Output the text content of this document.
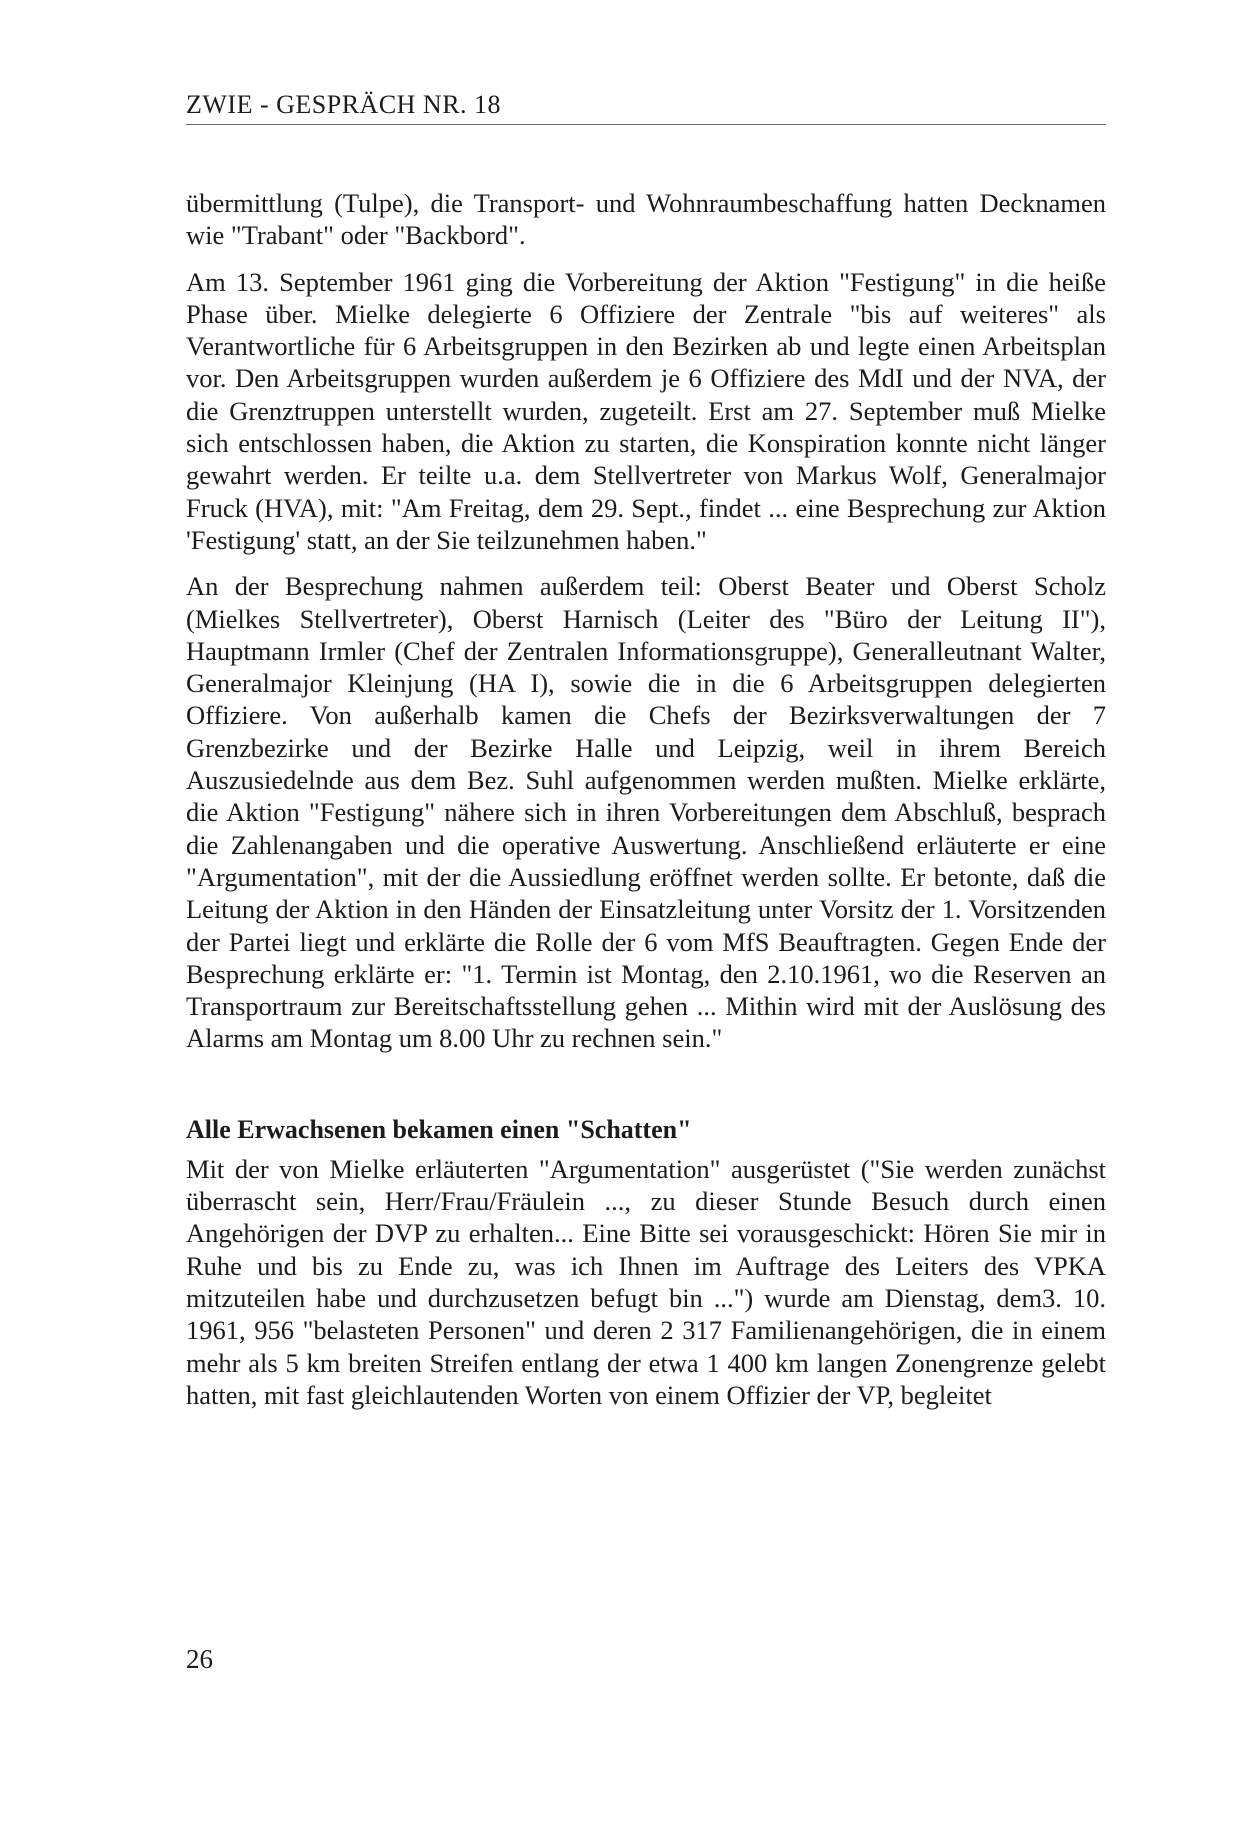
ZWIE - GESPRÄCH NR. 18

übermittlung (Tulpe), die Transport- und Wohnraumbeschaffung hatten Decknamen wie "Trabant" oder "Backbord".

Am 13. September 1961 ging die Vorbereitung der Aktion "Festigung" in die heiße Phase über. Mielke delegierte 6 Offiziere der Zentrale "bis auf weiteres" als Verantwortliche für 6 Arbeitsgruppen in den Bezirken ab und legte einen Arbeitsplan vor. Den Arbeitsgruppen wurden außerdem je 6 Offiziere des MdI und der NVA, der die Grenztruppen unterstellt wurden, zugeteilt. Erst am 27. September muß Mielke sich entschlossen haben, die Aktion zu starten, die Konspiration konnte nicht länger gewahrt werden. Er teilte u.a. dem Stellvertreter von Markus Wolf, Generalmajor Fruck (HVA), mit: "Am Freitag, dem 29. Sept., findet ... eine Besprechung zur Aktion 'Festigung' statt, an der Sie teilzunehmen haben."

An der Besprechung nahmen außerdem teil: Oberst Beater und Oberst Scholz (Mielkes Stellvertreter), Oberst Harnisch (Leiter des "Büro der Leitung II"), Hauptmann Irmler (Chef der Zentralen Informationsgruppe), Generalleutnant Walter, Generalmajor Kleinjung (HA I), sowie die in die 6 Arbeitsgruppen delegierten Offiziere. Von außerhalb kamen die Chefs der Bezirksverwaltungen der 7 Grenzbezirke und der Bezirke Halle und Leipzig, weil in ihrem Bereich Auszusiedelnde aus dem Bez. Suhl aufgenommen werden mußten. Mielke erklärte, die Aktion "Festigung" nähere sich in ihren Vorbereitungen dem Abschluß, besprach die Zahlenangaben und die operative Auswertung. Anschließend erläuterte er eine "Argumentation", mit der die Aussiedlung eröffnet werden sollte. Er betonte, daß die Leitung der Aktion in den Händen der Einsatzleitung unter Vorsitz der 1. Vorsitzenden der Partei liegt und erklärte die Rolle der 6 vom MfS Beauftragten. Gegen Ende der Besprechung erklärte er: "1. Termin ist Montag, den 2.10.1961, wo die Reserven an Transportraum zur Bereitschaftsstellung gehen ... Mithin wird mit der Auslösung des Alarms am Montag um 8.00 Uhr zu rechnen sein."

Alle Erwachsenen bekamen einen "Schatten"

Mit der von Mielke erläuterten "Argumentation" ausgerüstet ("Sie werden zunächst überrascht sein, Herr/Frau/Fräulein ..., zu dieser Stunde Besuch durch einen Angehörigen der DVP zu erhalten... Eine Bitte sei vorausgeschickt: Hören Sie mir in Ruhe und bis zu Ende zu, was ich Ihnen im Auftrage des Leiters des VPKA mitzuteilen habe und durchzusetzen befugt bin ...") wurde am Dienstag, dem3. 10. 1961, 956 "belasteten Personen" und deren 2 317 Familienangehörigen, die in einem mehr als 5 km breiten Streifen entlang der etwa 1 400 km langen Zonengrenze gelebt hatten, mit fast gleichlautenden Worten von einem Offizier der VP, begleitet

26
